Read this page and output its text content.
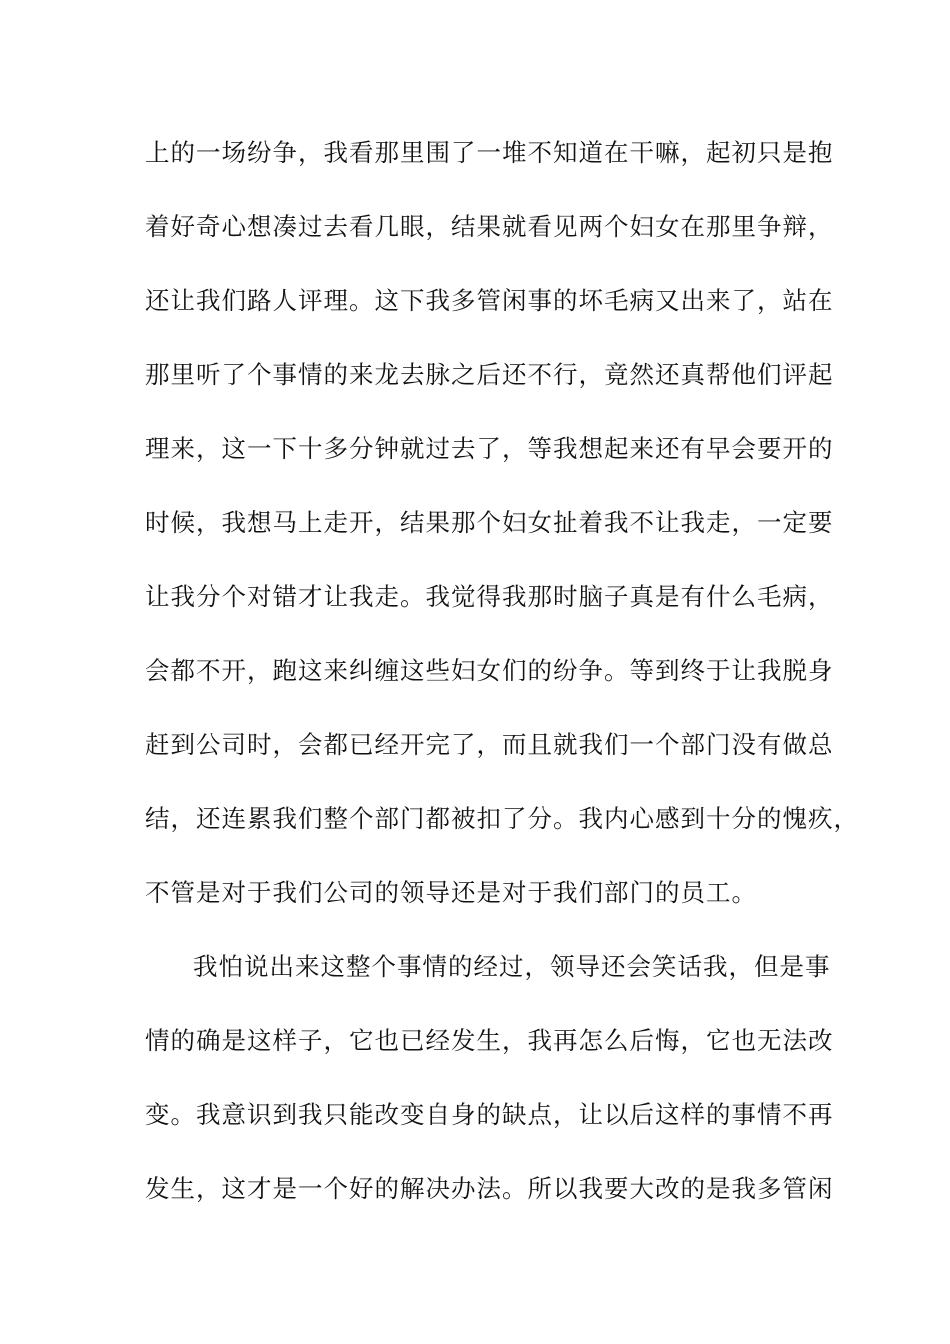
上的一场纷争，我看那里围了一堆不知道在干嘛，起初只是抱
着好奇心想凑过去看几眼，结果就看见两个妇女在那里争辩，
还让我们路人评理。这下我多管闲事的坏毛病又出来了，站在
那里听了个事情的来龙去脉之后还不行，竟然还真帮他们评起
理来，这一下十多分钟就过去了，等我想起来还有早会要开的
时候，我想马上走开，结果那个妇女扯着我不让我走，一定要
让我分个对错才让我走。我觉得我那时脑子真是有什么毛病，
会都不开，跑这来纠缠这些妇女们的纷争。等到终于让我脱身
赶到公司时，会都已经开完了，而且就我们一个部门没有做总
结，还连累我们整个部门都被扣了分。我内心感到十分的愧疚，
不管是对于我们公司的领导还是对于我们部门的员工。
我怕说出来这整个事情的经过，领导还会笑话我，但是事
情的确是这样子，它也已经发生，我再怎么后悔，它也无法改
变。我意识到我只能改变自身的缺点，让以后这样的事情不再
发生，这才是一个好的解决办法。所以我要大改的是我多管闲
